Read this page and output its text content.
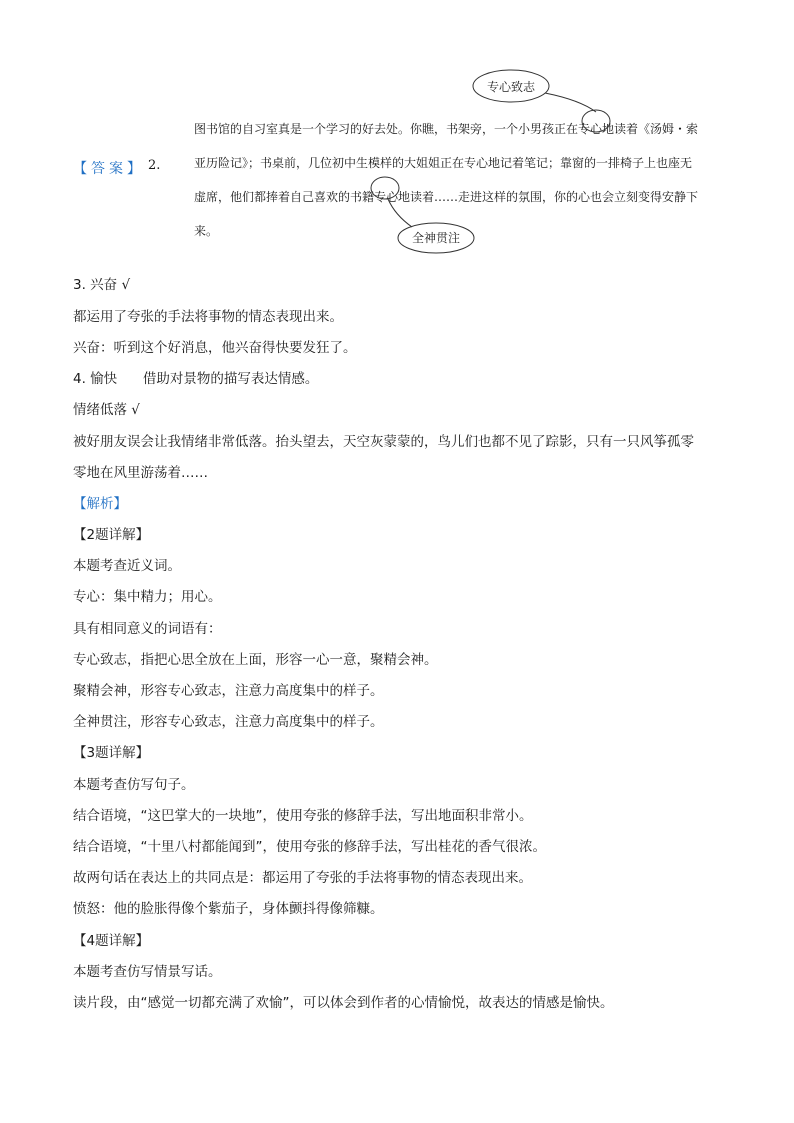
【答案】 2.
图书馆的自习室真是一个学习的好去处。你瞧，书架旁，一个小男孩正在专心地读着《汤姆・索
亚历险记》；书桌前，几位初中生模样的大姐姐正在专心地记着笔记；靠窗的一排椅子上也座无
虚席，他们都捧着自己喜欢的书籍专心地读着……走进这样的氛围，你的心也会立刻变得安静下
来。
专心致志
全神贯注
3. 兴奋 √
都运用了夸张的手法将事物的情态表现出来。
兴奋：听到这个好消息，他兴奋得快要发狂了。
4. 愉快      借助对景物的描写表达情感。
情绪低落 √
被好朋友误会让我情绪非常低落。抬头望去，天空灰蒙蒙的，鸟儿们也都不见了踪影，只有一只风筝孤零
零地在风里游荡着……
【解析】
【2题详解】
本题考查近义词。
专心：集中精力；用心。
具有相同意义的词语有：
专心致志，指把心思全放在上面，形容一心一意，聚精会神。
聚精会神，形容专心致志，注意力高度集中的样子。
全神贯注，形容专心致志，注意力高度集中的样子。
【3题详解】
本题考查仿写句子。
结合语境，“这巴掌大的一块地”，使用夸张的修辞手法，写出地面积非常小。
结合语境，“十里八村都能闻到”，使用夸张的修辞手法，写出桂花的香气很浓。
故两句话在表达上的共同点是：都运用了夸张的手法将事物的情态表现出来。
愤怒：他的脸胀得像个紫茄子，身体颤抖得像筛糠。
【4题详解】
本题考查仿写情景写话。
读片段，由“感觉一切都充满了欢愉”，可以体会到作者的心情愉悦，故表达的情感是愉快。
